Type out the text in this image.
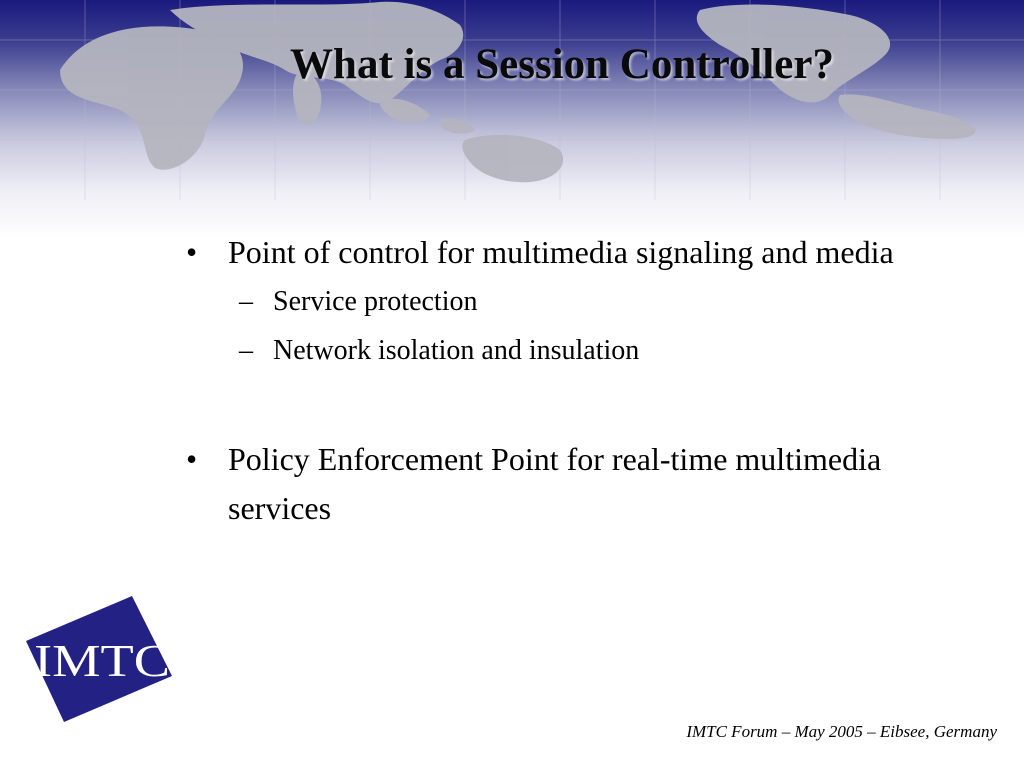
What is a Session Controller?
• Point of control for multimedia signaling and media
– Service protection
– Network isolation and insulation
• Policy Enforcement Point for real-time multimedia services
IMTC
IMTC Forum – May 2005 – Eibsee, Germany
